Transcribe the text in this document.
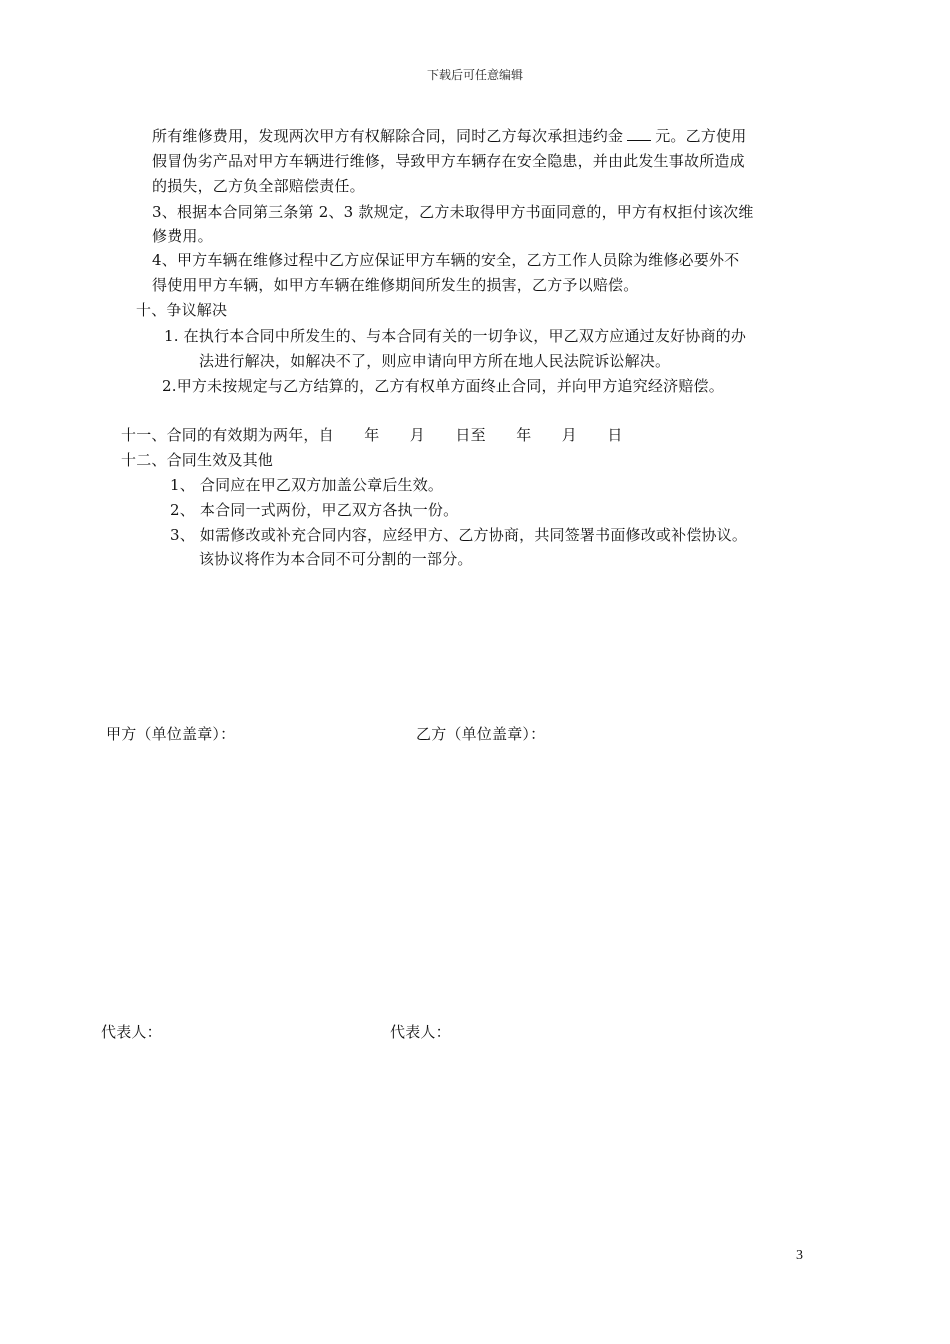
下载后可任意编辑
所有维修费用，发现两次甲方有权解除合同，同时乙方每次承担违约金 元。乙方使用
假冒伪劣产品对甲方车辆进行维修，导致甲方车辆存在安全隐患，并由此发生事故所造成
的损失，乙方负全部赔偿责任。
3、根据本合同第三条第 2、3 款规定，乙方未取得甲方书面同意的，甲方有权拒付该次维
修费用。
4、甲方车辆在维修过程中乙方应保证甲方车辆的安全，乙方工作人员除为维修必要外不
得使用甲方车辆，如甲方车辆在维修期间所发生的损害，乙方予以赔偿。
十、争议解决
1. 在执行本合同中所发生的、与本合同有关的一切争议，甲乙双方应通过友好协商的办
法进行解决，如解决不了，则应申请向甲方所在地人民法院诉讼解决。
2.甲方未按规定与乙方结算的，乙方有权单方面终止合同，并向甲方追究经济赔偿。
十一、合同的有效期为两年，自　　年　　月　　日至　　年　　月　　日
十二、合同生效及其他
1、 合同应在甲乙双方加盖公章后生效。
2、 本合同一式两份，甲乙双方各执一份。
3、 如需修改或补充合同内容，应经甲方、乙方协商，共同签署书面修改或补偿协议。
该协议将作为本合同不可分割的一部分。
甲方（单位盖章）：	乙方（单位盖章）：
代表人：	代表人：
3
